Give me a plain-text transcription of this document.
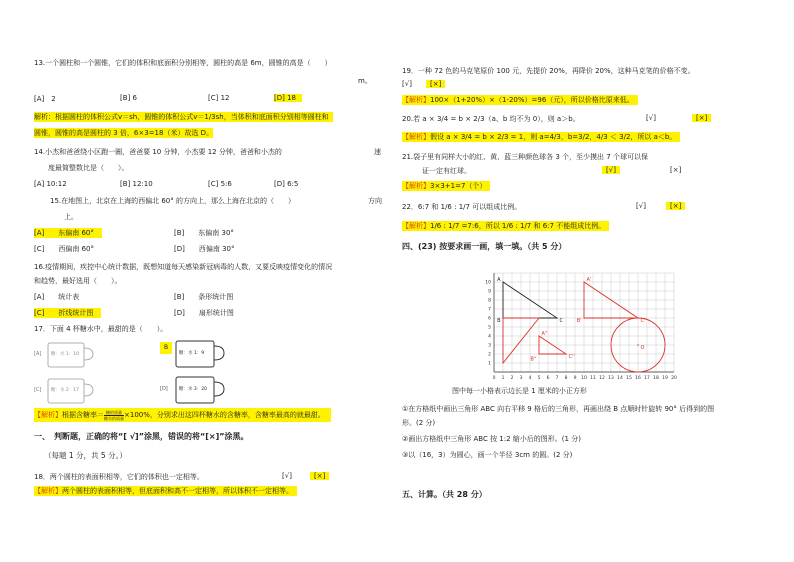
13.一个圆柱和一个圆锥，它们的体积和底面积分别相等，圆柱的高是 6m，圆锥的高是（　　）
m。
[A]　2	[B] 6	[C] 12	[D] 18
解析：根据圆柱的体积公式v＝sh，圆锥的体积公式v＝1/3sh，当体积和底面积分别相等圆柱和
圆锥，圆锥的高是圆柱的 3 倍，6×3=18（米）故选 D。
14.小杰和爸爸绕小区跑一圈，爸爸要 10 分钟，小杰要 12 分钟，爸爸和小杰的	速
度最简整数比是（　　）。
[A] 10:12	[B] 12:10	[C] 5:6	[D] 6:5
15.在地图上，北京在上海的西偏北 60° 的方向上，那么上海在北京的（　　）	方向
上。
[A]　　东偏南 60°	[B]　　东偏南 30°
[C]　　西偏南 60°	[D]　　西偏南 30°
16.疫情期间，疾控中心统计数据，既想知道每天感染新冠病毒的人数，又要反映疫情变化的情况
和趋势，最好选用（　　）。
[A]　　统计表	[B]　　条形统计图
[C]　　折线统计图	[D]　　扇形统计图
17．下面 4 杯糖水中，最甜的是（　　）。
[A] 糖：水 1：10
B
糖：水 1：9
[C] 糖：水 2：17	[D] 糖：水 3：20
【解析】根据含糖率＝ 糖的质量
糖水的质量 ×100%，分别求出这四杯糖水的含糖率，含糖率最高的就最甜。
一、　判断题，正确的将“[ √]”涂黑，错误的将“[×]”涂黑。
（每题 1 分，共 5 分。）
18．两个圆柱的表面积相等，它们的体积也一定相等。	[√]	[×]
【解析】两个圆柱的表面积相等，但底面积和高不一定相等，所以体积不一定相等。
19．一种 72 色的马克笔原价 100 元，先提价 20%，再降价 20%，这种马克笔的价格不变。
[√]	[×]
【解析】100×（1+20%）×（1-20%）=96（元），所以价格比原来低。
20.若 a × 3/4 = b × 2/3（a、b 均不为 0），则 a＞b。	[√]	[×]
【解析】假设 a × 3/4 = b × 2/3 = 1，则 a=4/3，b=3/2，4/3 ＜ 3/2，所以 a＜b。
21.袋子里有同样大小的红、黄、蓝三种颜色球各 3 个，至少摸出 7 个球可以保
证一定有红球。	[√]	[×]
【解析】3×3+1=7（个）
22．6:7 和 1/6 : 1/7 可以组成比例。	[√]	[×]
【解析】1/6 : 1/7 =7:6，所以 1/6 : 1/7 和 6:7 不能组成比例。
四、(23) 按要求画一画，填一填。（共 5 分）
0 1 2 3 4 5 6 7 8 9 10 11 12 13 14 15 16 17 18 19 20
1
2
3
4
5
6
7
8
9
10 A
B	C
A'
B'	C'
A''
B''	C''
O
图中每一小格表示边长是 1 厘米的小正方形
①在方格纸中画出三角形 ABC 向右平移 9 格后的三角形，再画出绕 B 点顺时针旋转 90° 后得到的图
形。(2 分)
②画出方格纸中三角形 ABC 按 1:2 缩小后的图形。(1 分)
③以（16，3）为圆心，画一个半径 3cm 的圆。(2 分)
五、计算。（共 28 分）
